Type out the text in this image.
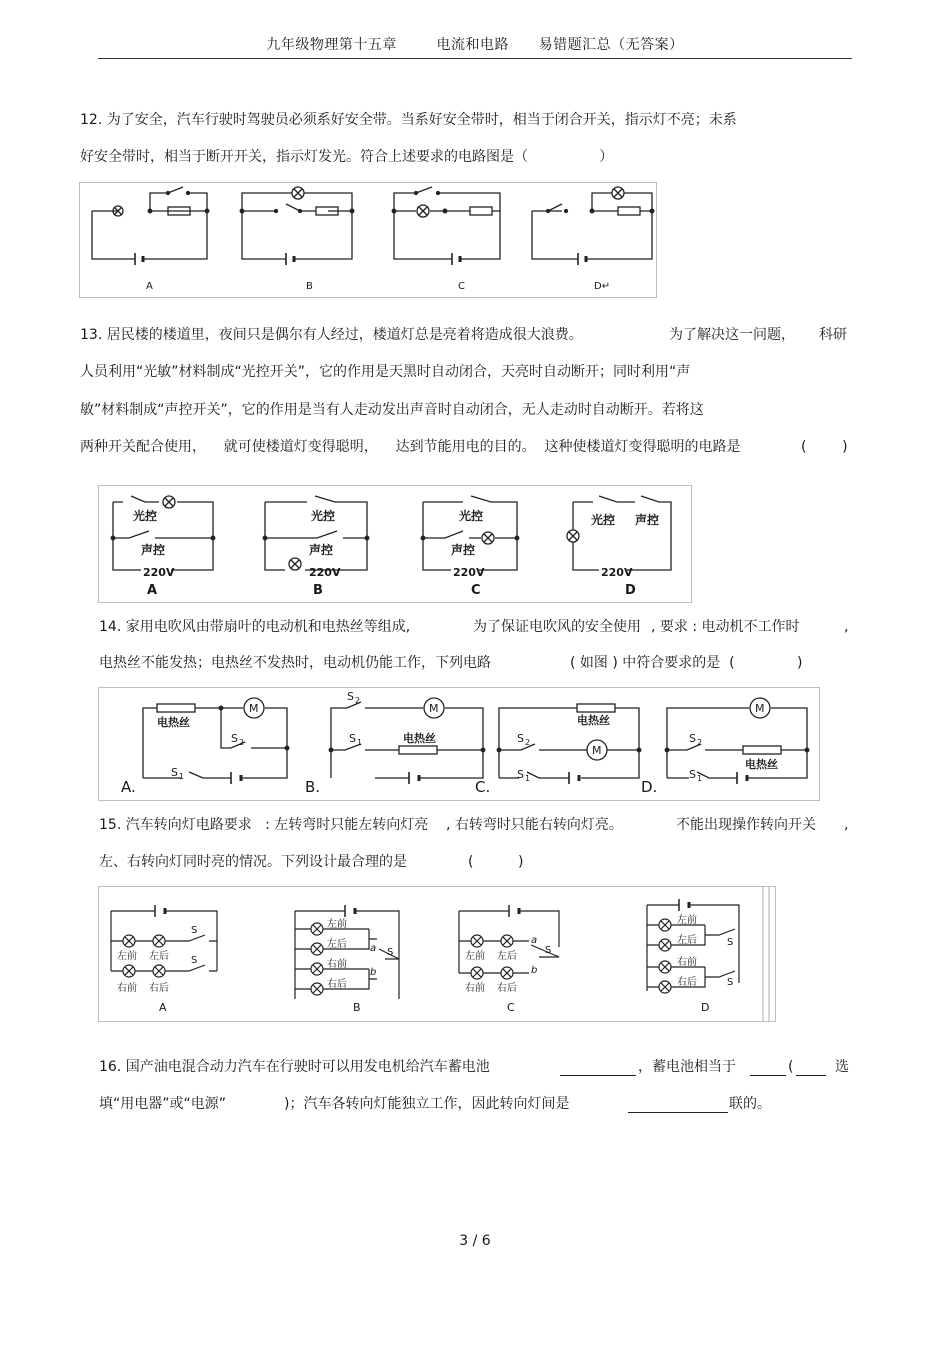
九年级物理第十五章        电流和电路      易错题汇总（无答案）
12. 为了安全，汽车行驶时驾驶员必须系好安全带。当系好安全带时，相当于闭合开关，指示灯不亮；未系
好安全带时，相当于断开开关，指示灯发光。符合上述要求的电路图是（                ）
A	B	C	D↵
13. 居民楼的楼道里，夜间只是偶尔有人经过，楼道灯总是亮着将造成很大浪费。	为了解决这一问题， 科研
人员利用“光敏”材料制成“光控开关”，它的作用是天黑时自动闭合，天亮时自动断开；同时利用“声
敏”材料制成“声控开关”，它的作用是当有人走动发出声音时自动闭合，无人走动时自动断开。若将这
两种开关配合使用，    就可使楼道灯变得聪明，    达到节能用电的目的。  这种使楼道灯变得聪明的电路是	(        )
光控
声控
220V
光控
声控
220V
光控
声控
220V
光控 声控
220V
A	B	C	D
14. 家用电吹风由带扇叶的电动机和电热丝等组成,	为了保证电吹风的安全使用 , 要求 : 电动机不工作时	,
电热丝不能发热；电热丝不发热时，电动机仍能工作，下列电路	( 如图 ) 中符合要求的是  (              )
电热丝
M
S 2
S 1
A.
S 2
M
S 1	电热丝
B.
电热丝
S 2
M
S 1
C.
M
S 2
电热丝
S 1
D.
15. 汽车转向灯电路要求   : 左转弯时只能左转向灯亮    , 右转弯时只能右转向灯亮。	不能出现操作转向开关 ,
左、右转向灯同时亮的情况。下列设计最合理的是	(          )
左前 左后
右前 右后
S
S
A
左前
左后
右前
右后
a
b
S
B
左前 左后
右前 右后
a
b
S
C
左前
左后
右前
右后
S
S
D
16. 国产油电混合动力汽车在行驶时可以用发电机给汽车蓄电池	，蓄电池相当于	(	选
填“用电器”或“电源”	)；汽车各转向灯能独立工作，因此转向灯间是	联的。
3 / 6
